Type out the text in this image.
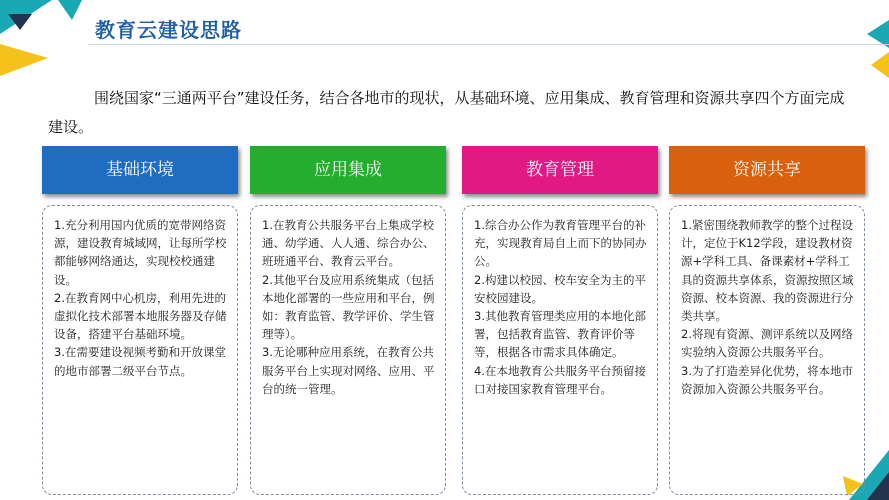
教育云建设思路
围绕国家“三通两平台”建设任务，结合各地市的现状，从基础环境、应用集成、教育管理和资源共享四个方面完成建设。
基础环境

1.充分利用国内优质的宽带网络资源，建设教育城域网，让每所学校都能够网络通达，实现校校通建设。

2.在教育网中心机房，利用先进的虚拟化技术部署本地服务器及存储设备，搭建平台基础环境。

3.在需要建设视频考勤和开放课堂的地市部署二级平台节点。

应用集成

1.在教育公共服务平台上集成学校通、幼学通、人人通、综合办公、班班通平台、教育云平台。

2.其他平台及应用系统集成（包括本地化部署的一些应用和平台，例如：教育监管、教学评价、学生管理等）。

3.无论哪种应用系统，在教育公共服务平台上实现对网络、应用、平台的统一管理。

教育管理

1.综合办公作为教育管理平台的补充，实现教育局自上而下的协同办公。

2.构建以校园、校车安全为主的平安校园建设。

3.其他教育管理类应用的本地化部署，包括教育监管、教育评价等等，根据各市需求具体确定。

4.在本地教育公共服务平台预留接口对接国家教育管理平台。

资源共享

1.紧密围绕教师教学的整个过程设计，定位于K12学段，建设教材资源+学科工具、备课素材+学科工具的资源共享体系，资源按照区域资源、校本资源、我的资源进行分类共享。

2.将现有资源、测评系统以及网络实验纳入资源公共服务平台。

3.为了打造差异化优势，将本地市资源加入资源公共服务平台。
